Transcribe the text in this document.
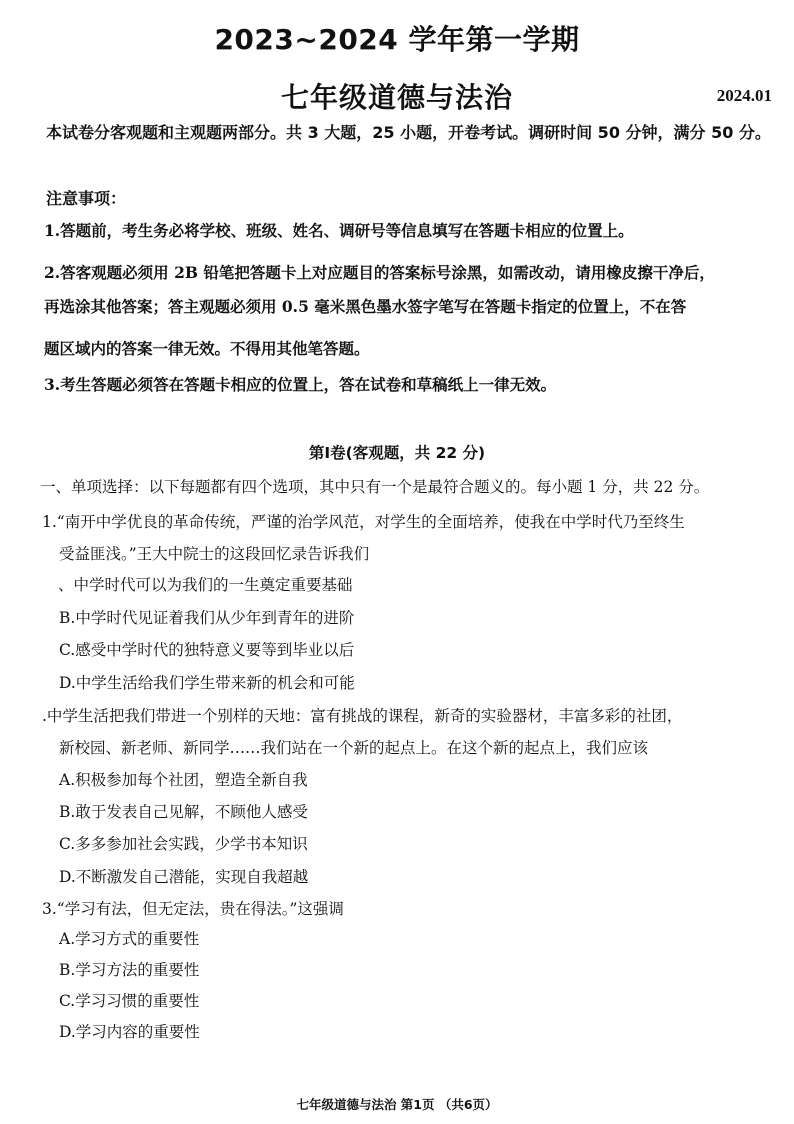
2023~2024 学年第一学期
七年级道德与法治	2024.01
本试卷分客观题和主观题两部分。共 3 大题，25 小题，开卷考试。调研时间 50 分钟，满分 50 分。
注意事项：
1.答题前，考生务必将学校、班级、姓名、调研号等信息填写在答题卡相应的位置上。
2.答客观题必须用 2B 铅笔把答题卡上对应题目的答案标号涂黑，如需改动，请用橡皮擦干净后，
再选涂其他答案；答主观题必须用 0.5 毫米黑色墨水签字笔写在答题卡指定的位置上，不在答
题区域内的答案一律无效。不得用其他笔答题。
3.考生答题必须答在答题卡相应的位置上，答在试卷和草稿纸上一律无效。
第Ⅰ卷(客观题，共 22 分)
一、单项选择：以下每题都有四个选项，其中只有一个是最符合题义的。每小题 1 分，共 22 分。
1.“南开中学优良的革命传统，严谨的治学风范，对学生的全面培养，使我在中学时代乃至终生
受益匪浅。”王大中院士的这段回忆录告诉我们
、中学时代可以为我们的一生奠定重要基础
B.中学时代见证着我们从少年到青年的进阶
C.感受中学时代的独特意义要等到毕业以后
D.中学生活给我们学生带来新的机会和可能
.中学生活把我们带进一个别样的天地：富有挑战的课程，新奇的实验器材，丰富多彩的社团，
新校园、新老师、新同学……我们站在一个新的起点上。在这个新的起点上，我们应该
A.积极参加每个社团，塑造全新自我
B.敢于发表自己见解，不顾他人感受
C.多多参加社会实践，少学书本知识
D.不断激发自己潜能，实现自我超越
3.“学习有法，但无定法，贵在得法。”这强调
A.学习方式的重要性
B.学习方法的重要性
C.学习习惯的重要性
D.学习内容的重要性
七年级道德与法治 第1页 （共6页）
